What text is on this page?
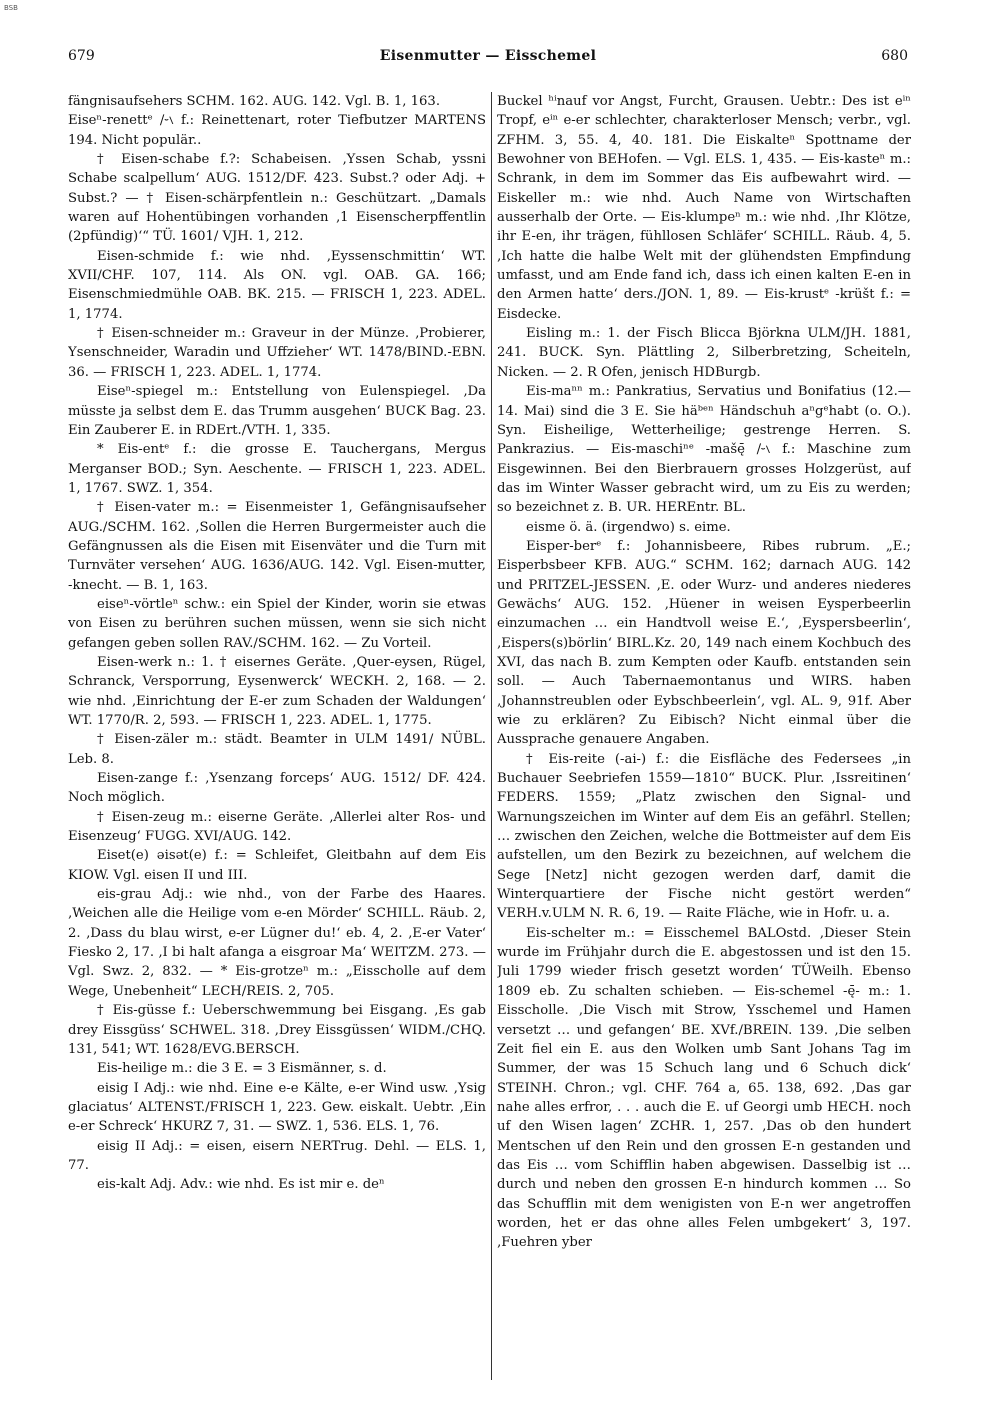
BSB
679	Eisenmutter — Eisschemel	680

fängnisaufsehers SCHM. 162. AUG. 142. Vgl. B. 1, 163.

Eiseⁿ-renettᵉ ∕⏑∖ f.: Reinettenart, roter Tiefbutzer MARTENS 194. Nicht populär..

† Eisen-schabe f.?: Schabeisen. ‚Yssen Schab, yssni Schabe scalpellum‘ AUG. 1512/DF. 423. Subst.? oder Adj. + Subst.? — † Eisen-schärpfentlein n.: Geschützart. „Damals waren auf Hohentübingen vorhanden ‚1 Eisenscherpffentlin (2pfündig)‘“ TÜ. 1601/ VJH. 1, 212.

Eisen-schmide f.: wie nhd. ‚Eyssenschmittin‘ WT. XVII/CHF. 107, 114. Als ON. vgl. OAB. GA. 166; Eisenschmiedmühle OAB. BK. 215. — FRISCH 1, 223. ADEL. 1, 1774.

† Eisen-schneider m.: Graveur in der Münze. ‚Probierer, Ysenschneider, Waradin und Uffzieher‘ WT. 1478/BIND.-EBN. 36. — FRISCH 1, 223. ADEL. 1, 1774.

Eiseⁿ-spiegel m.: Entstellung von Eulenspiegel. ‚Da müsste ja selbst dem E. das Trumm ausgehen‘ BUCK Bag. 23. Ein Zauberer E. in RDErt./VTH. 1, 335.

* Eis-entᵉ f.: die grosse E. Tauchergans, Mergus Merganser BOD.; Syn. Aeschente. — FRISCH 1, 223. ADEL. 1, 1767. SWZ. 1, 354.

† Eisen-vater m.: = Eisenmeister 1, Gefängnisaufseher AUG./SCHM. 162. ‚Sollen die Herren Burgermeister auch die Gefängnussen als die Eisen mit Eisenväter und die Turn mit Turnväter versehen‘ AUG. 1636/AUG. 142. Vgl. Eisen-mutter, -knecht. — B. 1, 163.

eiseⁿ-vörtleⁿ schw.: ein Spiel der Kinder, worin sie etwas von Eisen zu berühren suchen müssen, wenn sie sich nicht gefangen geben sollen RAV./SCHM. 162. — Zu Vorteil.

Eisen-werk n.: 1. † eisernes Geräte. ‚Quer-eysen, Rügel, Schranck, Versporrung, Eysenwerck‘ WECKH. 2, 168. — 2. wie nhd. ‚Einrichtung der E-er zum Schaden der Waldungen‘ WT. 1770/R. 2, 593. — FRISCH 1, 223. ADEL. 1, 1775.

† Eisen-zäler m.: städt. Beamter in ULM 1491/ NÜBL. Leb. 8.

Eisen-zange f.: ‚Ysenzang forceps‘ AUG. 1512/ DF. 424. Noch möglich.

† Eisen-zeug m.: eiserne Geräte. ‚Allerlei alter Ros- und Eisenzeug‘ FUGG. XVI/AUG. 142.

Eiset(e) əisət(e) f.: = Schleifet, Gleitbahn auf dem Eis KIOW. Vgl. eisen II und III.

eis-grau Adj.: wie nhd., von der Farbe des Haares. ‚Weichen alle die Heilige vom e-en Mörder‘ SCHILL. Räub. 2, 2. ‚Dass du blau wirst, e-er Lügner du!‘ eb. 4, 2. ‚E-er Vater‘ Fiesko 2, 17. ‚I bi halt afanga a eisgroar Ma‘ WEITZM. 273. — Vgl. Swz. 2, 832. — * Eis-grotzeⁿ m.: „Eisscholle auf dem Wege, Unebenheit“ LECH/REIS. 2, 705.

† Eis-güsse f.: Ueberschwemmung bei Eisgang. ‚Es gab drey Eissgüss‘ SCHWEL. 318. ‚Drey Eissgüssen‘ WIDM./CHQ. 131, 541; WT. 1628/EVG.BERSCH.

Eis-heilige m.: die 3 E. = 3 Eismänner, s. d.

eisig I Adj.: wie nhd. Eine e-e Kälte, e-er Wind usw. ‚Ysig glaciatus‘ ALTENST./FRISCH 1, 223. Gew. eiskalt. Uebtr. ‚Ein e-er Schreck‘ HKURZ 7, 31. — SWZ. 1, 536. ELS. 1, 76.

eisig II Adj.: = eisen, eisern NERTrug. Dehl. — ELS. 1, 77.

eis-kalt Adj. Adv.: wie nhd. Es ist mir e. deⁿ

Buckel ʰⁱnauf vor Angst, Furcht, Grausen. Uebtr.: Des ist eⁱⁿ Tropf, eⁱⁿ e-er schlechter, charakterloser Mensch; verbr., vgl. ZFHM. 3, 55. 4, 40. 181. Die Eiskalteⁿ Spottname der Bewohner von BEHofen. — Vgl. ELS. 1, 435. — Eis-kasteⁿ m.: Schrank, in dem im Sommer das Eis aufbewahrt wird. — Eiskeller m.: wie nhd. Auch Name von Wirtschaften ausserhalb der Orte. — Eis-klumpeⁿ m.: wie nhd. ‚Ihr Klötze, ihr E-en, ihr trägen, fühllosen Schläfer‘ SCHILL. Räub. 4, 5. ‚Ich hatte die halbe Welt mit der glühendsten Empfindung umfasst, und am Ende fand ich, dass ich einen kalten E-en in den Armen hatte‘ ders./JON. 1, 89. — Eis-krustᵉ -krüšt f.: = Eisdecke.

Eisling m.: 1. der Fisch Blicca Björkna ULM/JH. 1881, 241. BUCK. Syn. Plättling 2, Silberbretzing, Scheiteln, Nicken. — 2. R Ofen, jenisch HDBurgb.

Eis-maⁿⁿ m.: Pankratius, Servatius und Bonifatius (12.—14. Mai) sind die 3 E. Sie häᵇᵉⁿ Händschuh aⁿgᵉhabt (o. O.). Syn. Eisheilige, Wetterheilige; gestrenge Herren. S. Pankrazius. — Eis-maschiⁿᵉ -mašę̄ ∕⏑∖ f.: Maschine zum Eisgewinnen. Bei den Bierbrauern grosses Holzgerüst, auf das im Winter Wasser gebracht wird, um zu Eis zu werden; so bezeichnet z. B. UR. HEREntr. BL.

eisme ö. ä. (irgendwo) s. eime.

Eisper-berᵉ f.: Johannisbeere, Ribes rubrum. „E.; Eisperbsbeer KFB. AUG.“ SCHM. 162; darnach AUG. 142 und PRITZEL-JESSEN. ‚E. oder Wurz- und anderes niederes Gewächs‘ AUG. 152. ‚Hüener in weisen Eysperbeerlin einzumachen … ein Handtvoll weise E.‘, ‚Eyspersbeerlin‘, ‚Eispers(s)börlin‘ BIRL.Kz. 20, 149 nach einem Kochbuch des XVI, das nach B. zum Kempten oder Kaufb. entstanden sein soll. — Auch Tabernaemontanus und WIRS. haben ‚Johannstreublen oder Eybschbeerlein‘, vgl. AL. 9, 91f. Aber wie zu erklären? Zu Eibisch? Nicht einmal über die Aussprache genauere Angaben.

† Eis-reite (-ai-) f.: die Eisfläche des Federsees „in Buchauer Seebriefen 1559—1810“ BUCK. Plur. ‚Issreitinen‘ FEDERS. 1559; „Platz zwischen den Signal- und Warnungszeichen im Winter auf dem Eis an gefährl. Stellen; … zwischen den Zeichen, welche die Bottmeister auf dem Eis aufstellen, um den Bezirk zu bezeichnen, auf welchem die Sege [Netz] nicht gezogen werden darf, damit die Winterquartiere der Fische nicht gestört werden“ VERH.v.ULM N. R. 6, 19. — Raite Fläche, wie in Hofr. u. a.

Eis-schelter m.: = Eisschemel BALOstd. ‚Dieser Stein wurde im Frühjahr durch die E. abgestossen und ist den 15. Juli 1799 wieder frisch gesetzt worden‘ TÜWeilh. Ebenso 1809 eb. Zu schalten schieben. — Eis-schemel -ę̄- m.: 1. Eisscholle. ‚Die Visch mit Strow, Ysschemel und Hamen versetzt … und gefangen‘ BE. XVf./BREIN. 139. ‚Die selben Zeit fiel ein E. aus den Wolken umb Sant Johans Tag im Summer, der was 15 Schuch lang und 6 Schuch dick‘ STEINH. Chron.; vgl. CHF. 764 a, 65. 138, 692. ‚Das gar nahe alles erfror, . . . auch die E. uf Georgi umb HECH. noch uf den Wisen lagen‘ ZCHR. 1, 257. ‚Das ob den hundert Mentschen uf den Rein und den grossen E-n gestanden und das Eis … vom Schifflin haben abgewisen. Dasselbig ist … durch und neben den grossen E-n hindurch kommen … So das Schufflin mit dem wenigisten von E-n wer angetroffen worden, het er das ohne alles Felen umbgekert‘ 3, 197. ‚Fuehren yber
